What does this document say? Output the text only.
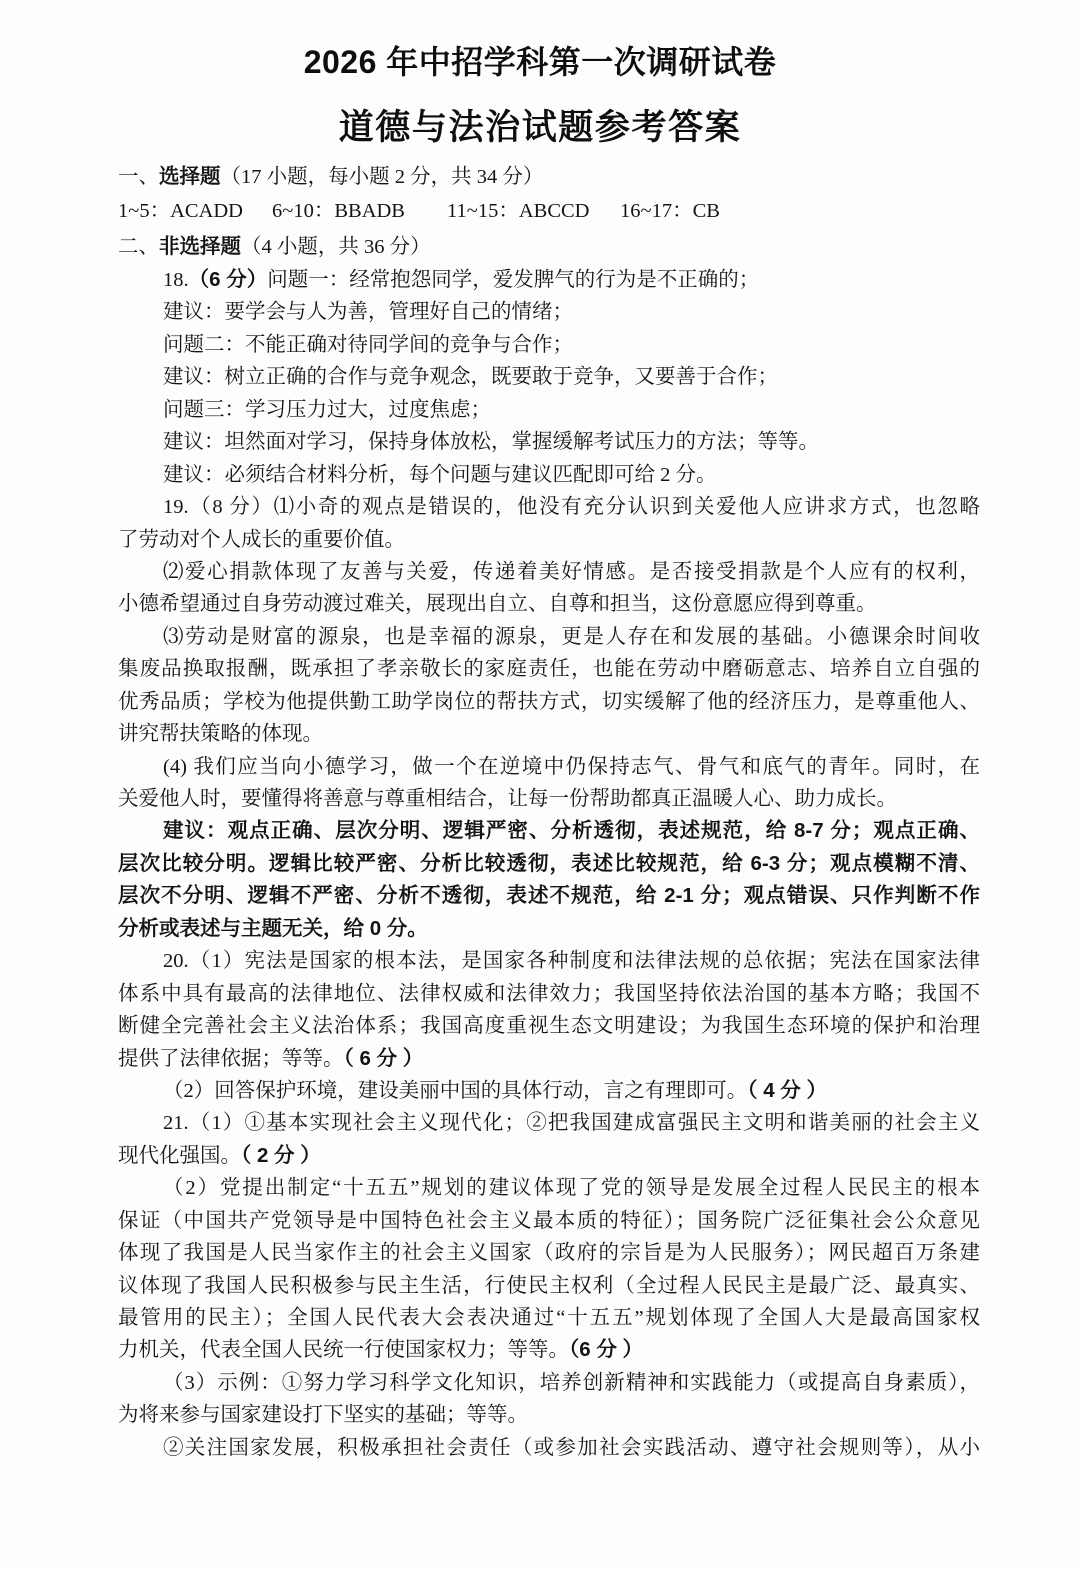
2026 年中招学科第一次调研试卷
道德与法治试题参考答案
一、选择题（17 小题，每小题 2 分，共 34 分）
1~5：ACADD 6~10：BBADB 11~15：ABCCD 16~17：CB
二、非选择题（4 小题，共 36 分）
18.（6 分）问题一：经常抱怨同学，爱发脾气的行为是不正确的；
建议：要学会与人为善，管理好自己的情绪；
问题二：不能正确对待同学间的竞争与合作；
建议：树立正确的合作与竞争观念，既要敢于竞争，又要善于合作；
问题三：学习压力过大，过度焦虑；
建议：坦然面对学习，保持身体放松，掌握缓解考试压力的方法；等等。
建议：必须结合材料分析，每个问题与建议匹配即可给 2 分。
19.（8 分）⑴小奇的观点是错误的，他没有充分认识到关爱他人应讲求方式，也忽略
了劳动对个人成长的重要价值。
⑵爱心捐款体现了友善与关爱，传递着美好情感。是否接受捐款是个人应有的权利，
小德希望通过自身劳动渡过难关，展现出自立、自尊和担当，这份意愿应得到尊重。
⑶劳动是财富的源泉，也是幸福的源泉，更是人存在和发展的基础。小德课余时间收
集废品换取报酬，既承担了孝亲敬长的家庭责任，也能在劳动中磨砺意志、培养自立自强的
优秀品质；学校为他提供勤工助学岗位的帮扶方式，切实缓解了他的经济压力，是尊重他人、
讲究帮扶策略的体现。
(4) 我们应当向小德学习，做一个在逆境中仍保持志气、骨气和底气的青年。同时，在
关爱他人时，要懂得将善意与尊重相结合，让每一份帮助都真正温暖人心、助力成长。
建议：观点正确、层次分明、逻辑严密、分析透彻，表述规范，给 8-7 分；观点正确、
层次比较分明。逻辑比较严密、分析比较透彻，表述比较规范，给 6-3 分；观点模糊不清、
层次不分明、逻辑不严密、分析不透彻，表述不规范，给 2-1 分；观点错误、只作判断不作
分析或表述与主题无关，给 0 分。
20.（1）宪法是国家的根本法，是国家各种制度和法律法规的总依据；宪法在国家法律
体系中具有最高的法律地位、法律权威和法律效力；我国坚持依法治国的基本方略；我国不
断健全完善社会主义法治体系；我国高度重视生态文明建设；为我国生态环境的保护和治理
提供了法律依据；等等。（ 6 分 ）
（2）回答保护环境，建设美丽中国的具体行动，言之有理即可。（ 4 分 ）
21.（1）①基本实现社会主义现代化；②把我国建成富强民主文明和谐美丽的社会主义
现代化强国。（ 2 分 ）
（2）党提出制定“十五五”规划的建议体现了党的领导是发展全过程人民民主的根本
保证（中国共产党领导是中国特色社会主义最本质的特征）；国务院广泛征集社会公众意见
体现了我国是人民当家作主的社会主义国家（政府的宗旨是为人民服务）；网民超百万条建
议体现了我国人民积极参与民主生活，行使民主权利（全过程人民民主是最广泛、最真实、
最管用的民主）；全国人民代表大会表决通过“十五五”规划体现了全国人大是最高国家权
力机关，代表全国人民统一行使国家权力；等等。（6 分 ）
（3）示例：①努力学习科学文化知识，培养创新精神和实践能力（或提高自身素质），
为将来参与国家建设打下坚实的基础；等等。
②关注国家发展，积极承担社会责任（或参加社会实践活动、遵守社会规则等），从小
